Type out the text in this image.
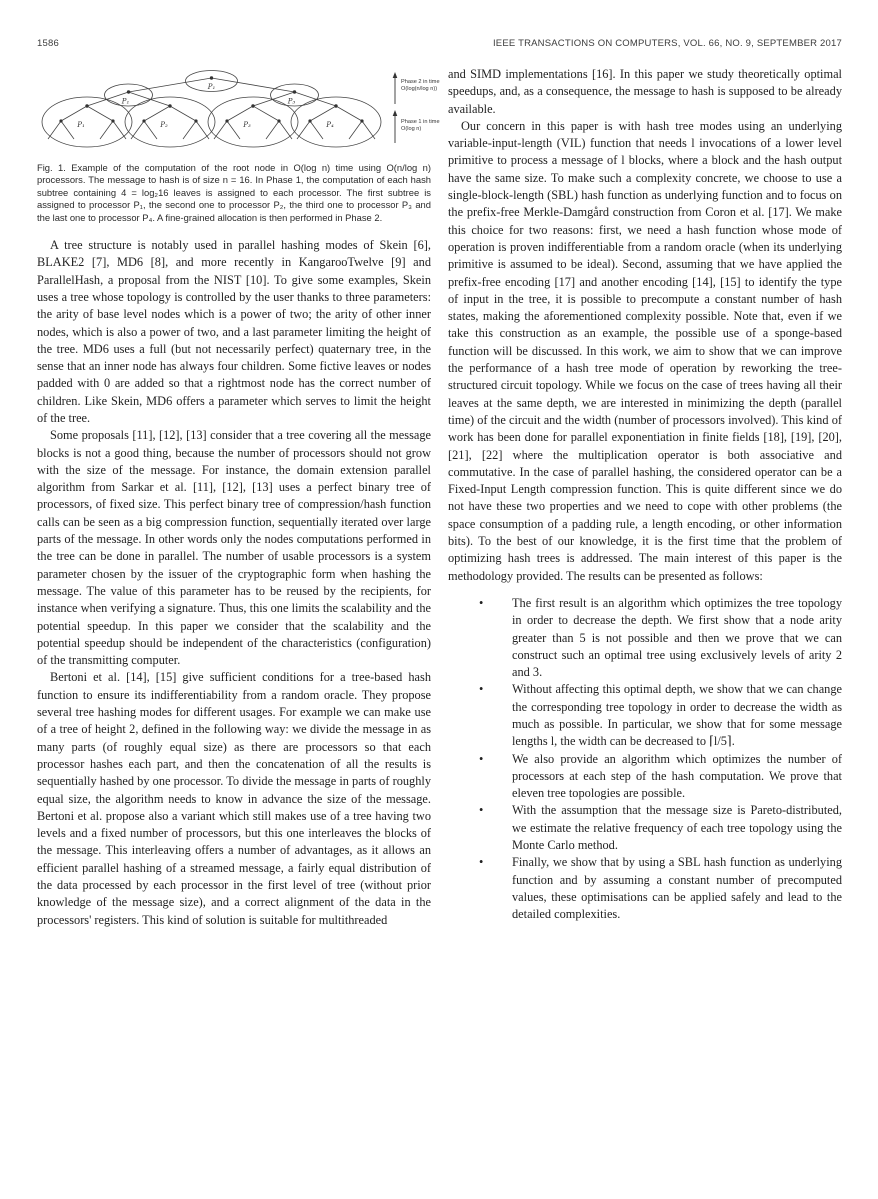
1586	IEEE TRANSACTIONS ON COMPUTERS, VOL. 66, NO. 9, SEPTEMBER 2017
P₁
P₁	P₃
P₁	P₂	P₃	P₄
Phase 2 in time
O(log(n/log n))
Phase 1 in time
O(log n)
Fig. 1. Example of the computation of the root node in O(log n) time using O(n/log n) processors. The message to hash is of size n = 16. In Phase 1, the computation of each hash subtree containing 4 = log₂16 leaves is assigned to each processor. The first subtree is assigned to processor P₁, the second one to processor P₂, the third one to processor P₃ and the last one to processor P₄. A fine-grained allocation is then performed in Phase 2.

A tree structure is notably used in parallel hashing modes of Skein [6], BLAKE2 [7], MD6 [8], and more recently in KangarooTwelve [9] and ParallelHash, a proposal from the NIST [10]. To give some examples, Skein uses a tree whose topology is controlled by the user thanks to three parameters: the arity of base level nodes which is a power of two; the arity of other inner nodes, which is also a power of two, and a last parameter limiting the height of the tree. MD6 uses a full (but not necessarily perfect) quaternary tree, in the sense that an inner node has always four children. Some fictive leaves or nodes padded with 0 are added so that a rightmost node has the correct number of children. Like Skein, MD6 offers a parameter which serves to limit the height of the tree.

Some proposals [11], [12], [13] consider that a tree covering all the message blocks is not a good thing, because the number of processors should not grow with the size of the message. For instance, the domain extension parallel algorithm from Sarkar et al. [11], [12], [13] uses a perfect binary tree of processors, of fixed size. This perfect binary tree of compression/hash function calls can be seen as a big compression function, sequentially iterated over large parts of the message. In other words only the nodes computations performed in the tree can be done in parallel. The number of usable processors is a system parameter chosen by the issuer of the cryptographic form when hashing the message. The value of this parameter has to be reused by the recipients, for instance when verifying a signature. Thus, this one limits the scalability and the potential speedup. In this paper we consider that the scalability and the potential speedup should be independent of the characteristics (configuration) of the transmitting computer.

Bertoni et al. [14], [15] give sufficient conditions for a tree-based hash function to ensure its indifferentiability from a random oracle. They propose several tree hashing modes for different usages. For example we can make use of a tree of height 2, defined in the following way: we divide the message in as many parts (of roughly equal size) as there are processors so that each processor hashes each part, and then the concatenation of all the results is sequentially hashed by one processor. To divide the message in parts of roughly equal size, the algorithm needs to know in advance the size of the message. Bertoni et al. propose also a variant which still makes use of a tree having two levels and a fixed number of processors, but this one interleaves the blocks of the message. This interleaving offers a number of advantages, as it allows an efficient parallel hashing of a streamed message, a fairly equal distribution of the data processed by each processor in the first level of tree (without prior knowledge of the message size), and a correct alignment of the data in the processors' registers. This kind of solution is suitable for multithreaded

and SIMD implementations [16]. In this paper we study theoretically optimal speedups, and, as a consequence, the message to hash is supposed to be already available.

Our concern in this paper is with hash tree modes using an underlying variable-input-length (VIL) function that needs l invocations of a lower level primitive to process a message of l blocks, where a block and the hash output have the same size. To make such a complexity concrete, we choose to use a single-block-length (SBL) hash function as underlying function and to focus on the prefix-free Merkle-Damgård construction from Coron et al. [17]. We make this choice for two reasons: first, we need a hash function whose mode of operation is proven indifferentiable from a random oracle (when its underlying primitive is assumed to be ideal). Second, assuming that we have applied the prefix-free encoding [17] and another encoding [14], [15] to identify the type of input in the tree, it is possible to precompute a constant number of hash states, making the aforementioned complexity possible. Note that, even if we take this construction as an example, the possible use of a sponge-based function will be discussed. In this work, we aim to show that we can improve the performance of a hash tree mode of operation by reworking the tree-structured circuit topology. While we focus on the case of trees having all their leaves at the same depth, we are interested in minimizing the depth (parallel time) of the circuit and the width (number of processors involved). This kind of work has been done for parallel exponentiation in finite fields [18], [19], [20], [21], [22] where the multiplication operator is both associative and commutative. In the case of parallel hashing, the considered operator can be a Fixed-Input Length compression function. This is quite different since we do not have these two properties and we need to cope with other problems (the space consumption of a padding rule, a length encoding, or other information bits). To the best of our knowledge, it is the first time that the problem of optimizing hash trees is addressed. The main interest of this paper is the methodology provided. The results can be presented as follows:

• The first result is an algorithm which optimizes the tree topology in order to decrease the depth. We first show that a node arity greater than 5 is not possible and then we prove that we can construct such an optimal tree using exclusively levels of arity 2 and 3.
• Without affecting this optimal depth, we show that we can change the corresponding tree topology in order to decrease the width as much as possible. In particular, we show that for some message lengths l, the width can be decreased to ⌈l/5⌉.
• We also provide an algorithm which optimizes the number of processors at each step of the hash computation. We prove that eleven tree topologies are possible.
• With the assumption that the message size is Pareto-distributed, we estimate the relative frequency of each tree topology using the Monte Carlo method.
• Finally, we show that by using a SBL hash function as underlying function and by assuming a constant number of precomputed values, these optimisations can be applied safely and lead to the detailed complexities.
